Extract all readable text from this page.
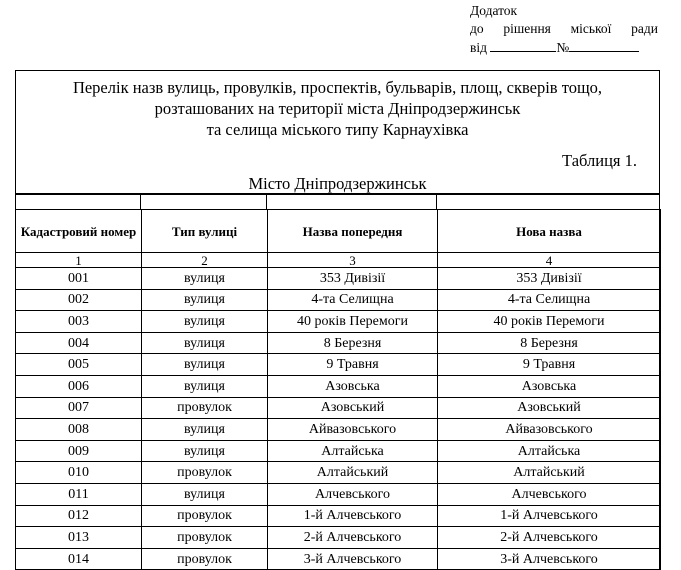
Додаток
до рішення міської ради
від	№
Перелік назв вулиць, провулків, проспектів, бульварів, площ, скверів тощо,
розташованих на території міста Дніпродзержинськ
та селища міського типу Карнаухівка
Таблиця 1.
Місто Дніпродзержинськ
Кадастровий номер	Тип вулиці	Назва попередня	Нова назва
1	2	3	4
001	вулиця	353 Дивізії	353 Дивізії
002	вулиця	4-та Селищна	4-та Селищна
003	вулиця	40 років Перемоги	40 років Перемоги
004	вулиця	8 Березня	8 Березня
005	вулиця	9 Травня	9 Травня
006	вулиця	Азовська	Азовська
007	провулок	Азовський	Азовський
008	вулиця	Айвазовського	Айвазовського
009	вулиця	Алтайська	Алтайська
010	провулок	Алтайський	Алтайський
011	вулиця	Алчевського	Алчевського
012	провулок	1-й Алчевського	1-й Алчевського
013	провулок	2-й Алчевського	2-й Алчевського
014	провулок	3-й Алчевського	3-й Алчевського
